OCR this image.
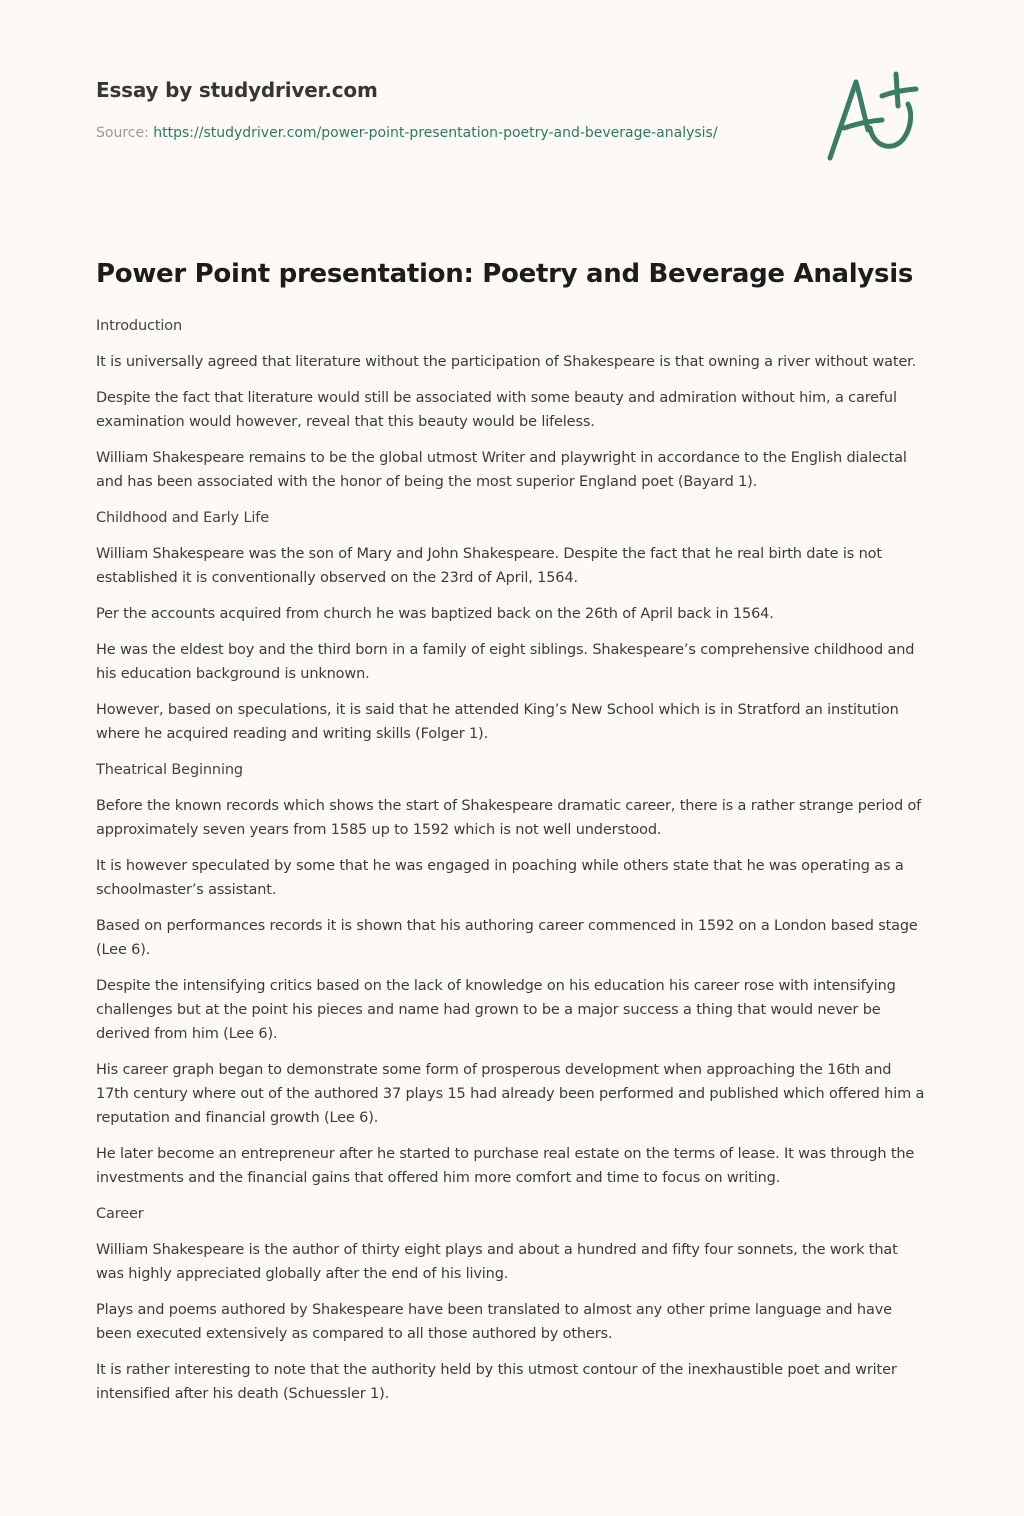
Essay by studydriver.com
Source: https://studydriver.com/power-point-presentation-poetry-and-beverage-analysis/
Power Point presentation: Poetry and Beverage Analysis

Introduction

It is universally agreed that literature without the participation of Shakespeare is that owning a river without water.

Despite the fact that literature would still be associated with some beauty and admiration without him, a careful examination would however, reveal that this beauty would be lifeless.

William Shakespeare remains to be the global utmost Writer and playwright in accordance to the English dialectal and has been associated with the honor of being the most superior England poet (Bayard 1).

Childhood and Early Life

William Shakespeare was the son of Mary and John Shakespeare. Despite the fact that he real birth date is not established it is conventionally observed on the 23rd of April, 1564.

Per the accounts acquired from church he was baptized back on the 26th of April back in 1564.

He was the eldest boy and the third born in a family of eight siblings. Shakespeare’s comprehensive childhood and his education background is unknown.

However, based on speculations, it is said that he attended King’s New School which is in Stratford an institution where he acquired reading and writing skills (Folger 1).

Theatrical Beginning

Before the known records which shows the start of Shakespeare dramatic career, there is a rather strange period of approximately seven years from 1585 up to 1592 which is not well understood.

It is however speculated by some that he was engaged in poaching while others state that he was operating as a schoolmaster’s assistant.

Based on performances records it is shown that his authoring career commenced in 1592 on a London based stage (Lee 6).

Despite the intensifying critics based on the lack of knowledge on his education his career rose with intensifying challenges but at the point his pieces and name had grown to be a major success a thing that would never be derived from him (Lee 6).

His career graph began to demonstrate some form of prosperous development when approaching the 16th and 17th century where out of the authored 37 plays 15 had already been performed and published which offered him a reputation and financial growth (Lee 6).

He later become an entrepreneur after he started to purchase real estate on the terms of lease. It was through the investments and the financial gains that offered him more comfort and time to focus on writing.

Career

William Shakespeare is the author of thirty eight plays and about a hundred and fifty four sonnets, the work that was highly appreciated globally after the end of his living.

Plays and poems authored by Shakespeare have been translated to almost any other prime language and have been executed extensively as compared to all those authored by others.

It is rather interesting to note that the authority held by this utmost contour of the inexhaustible poet and writer intensified after his death (Schuessler 1).
